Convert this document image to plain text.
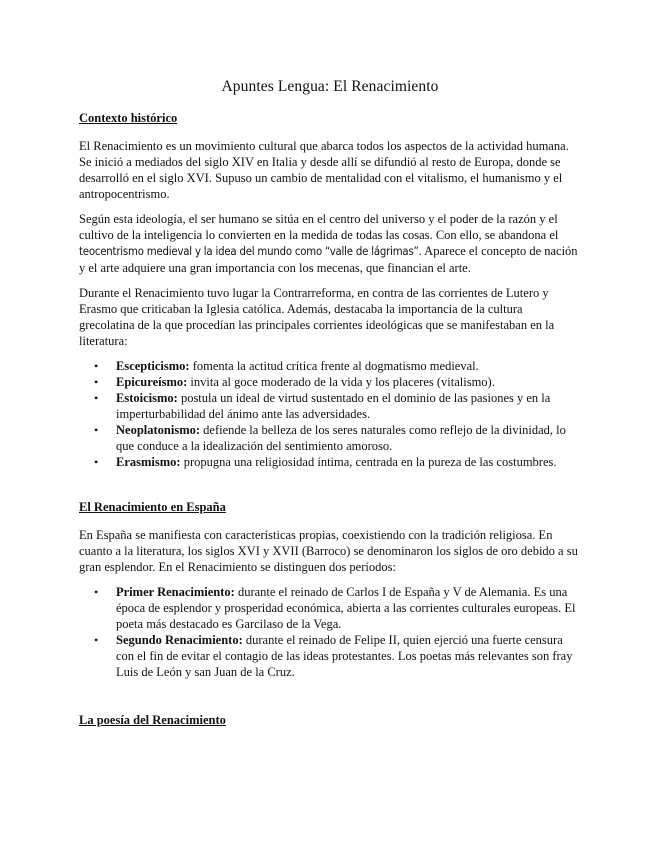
Apuntes Lengua: El Renacimiento
Contexto histórico

El Renacimiento es un movimiento cultural que abarca todos los aspectos de la actividad humana. Se inició a mediados del siglo XIV en Italia y desde allí se difundió al resto de Europa, donde se desarrolló en el siglo XVI. Supuso un cambio de mentalidad con el vitalismo, el humanismo y el antropocentrismo.

Según esta ideología, el ser humano se sitúa en el centro del universo y el poder de la razón y el cultivo de la inteligencia lo convierten en la medida de todas las cosas. Con ello, se abandona el teocentrismo medieval y la idea del mundo como “valle de lágrimas”. Aparece el concepto de nación y el arte adquiere una gran importancia con los mecenas, que financian el arte.

Durante el Renacimiento tuvo lugar la Contrarreforma, en contra de las corrientes de Lutero y Erasmo que criticaban la Iglesia católica. Además, destacaba la importancia de la cultura grecolatina de la que procedían las principales corrientes ideológicas que se manifestaban en la literatura:

• Escepticismo: fomenta la actitud crítica frente al dogmatismo medieval.
• Epicureísmo: invita al goce moderado de la vida y los placeres (vitalismo).
• Estoicismo: postula un ideal de virtud sustentado en el dominio de las pasiones y en la imperturbabilidad del ánimo ante las adversidades.
• Neoplatonismo: defiende la belleza de los seres naturales como reflejo de la divinidad, lo que conduce a la idealización del sentimiento amoroso.
• Erasmismo: propugna una religiosidad íntima, centrada en la pureza de las costumbres.
El Renacimiento en España

En España se manifiesta con características propias, coexistiendo con la tradición religiosa. En cuanto a la literatura, los siglos XVI y XVII (Barroco) se denominaron los siglos de oro debido a su gran esplendor. En el Renacimiento se distinguen dos períodos:

• Primer Renacimiento: durante el reinado de Carlos I de España y V de Alemania. Es una época de esplendor y prosperidad económica, abierta a las corrientes culturales europeas. El poeta más destacado es Garcilaso de la Vega.
• Segundo Renacimiento: durante el reinado de Felipe II, quien ejerció una fuerte censura con el fin de evitar el contagio de las ideas protestantes. Los poetas más relevantes son fray Luis de León y san Juan de la Cruz.
La poesía del Renacimiento
